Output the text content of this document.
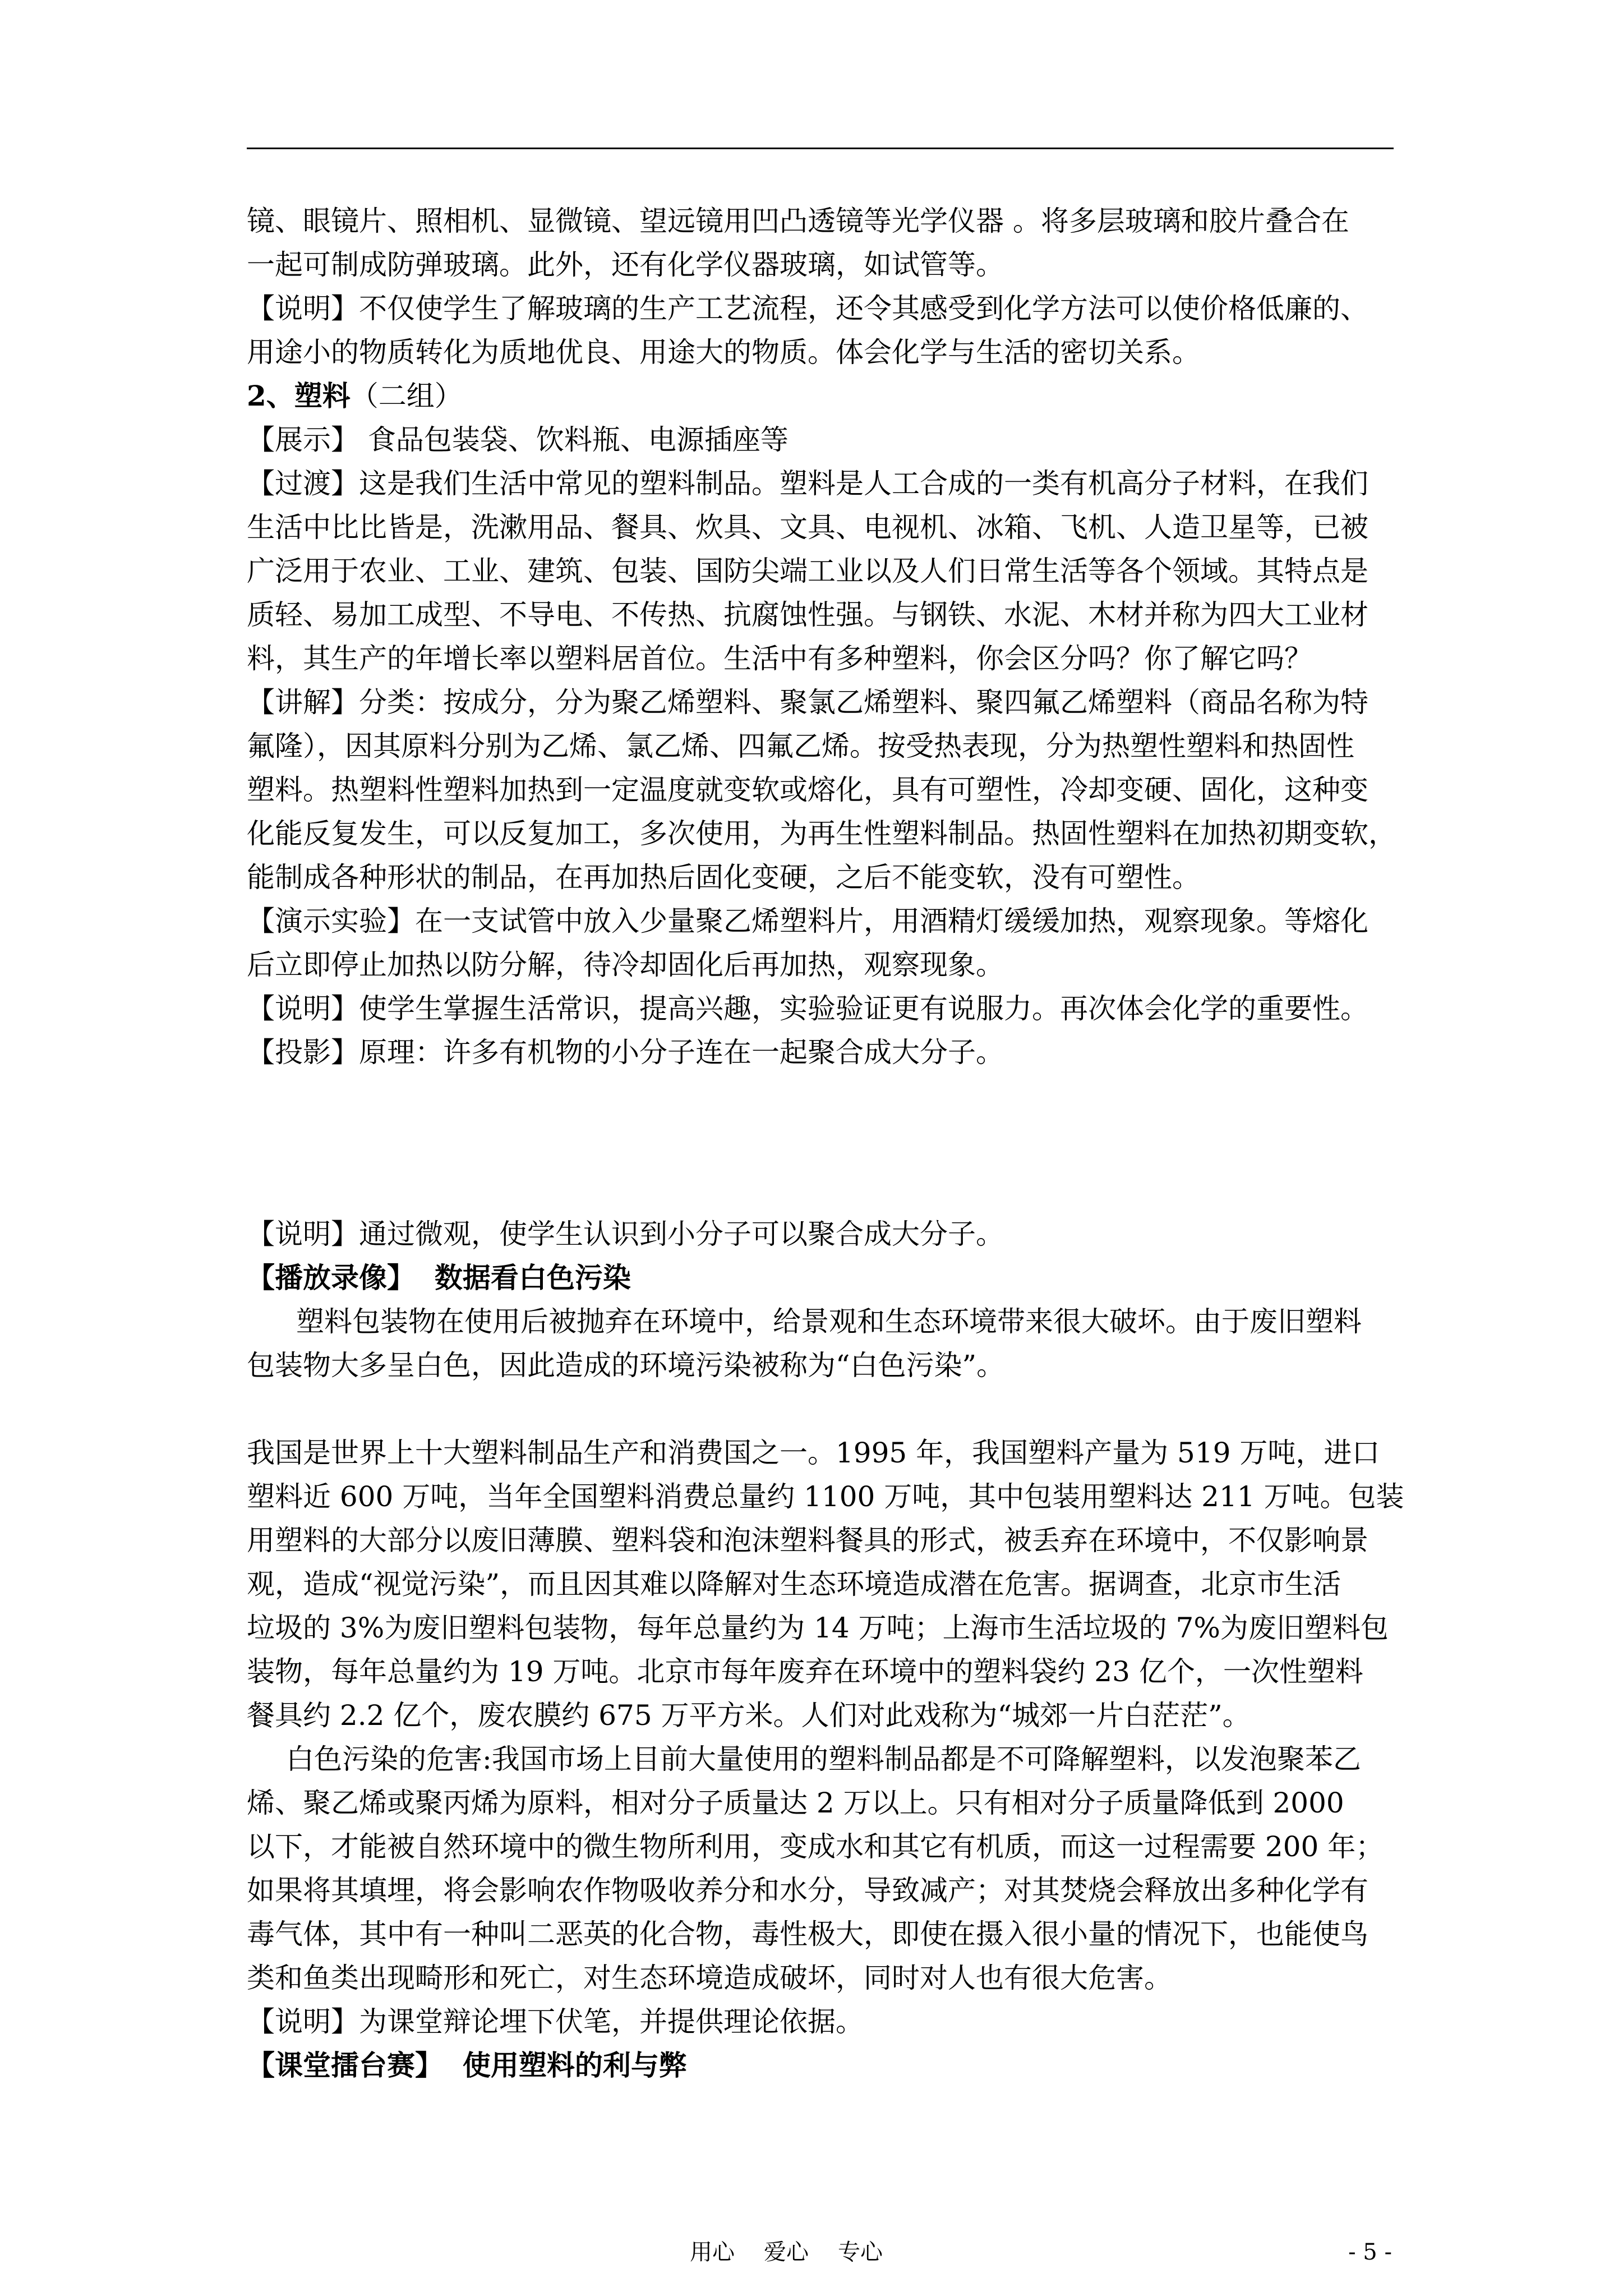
镜、眼镜片、照相机、显微镜、望远镜用凹凸透镜等光学仪器 。将多层玻璃和胶片叠合在
一起可制成防弹玻璃。此外，还有化学仪器玻璃，如试管等。
【说明】不仅使学生了解玻璃的生产工艺流程，还令其感受到化学方法可以使价格低廉的、
用途小的物质转化为质地优良、用途大的物质。体会化学与生活的密切关系。
2、塑料（二组）
【展示】 食品包装袋、饮料瓶、电源插座等
【过渡】这是我们生活中常见的塑料制品。塑料是人工合成的一类有机高分子材料，在我们
生活中比比皆是，洗漱用品、餐具、炊具、文具、电视机、冰箱、飞机、人造卫星等，已被
广泛用于农业、工业、建筑、包装、国防尖端工业以及人们日常生活等各个领域。其特点是
质轻、易加工成型、不导电、不传热、抗腐蚀性强。与钢铁、水泥、木材并称为四大工业材
料，其生产的年增长率以塑料居首位。生活中有多种塑料，你会区分吗？你了解它吗？
【讲解】分类：按成分，分为聚乙烯塑料、聚氯乙烯塑料、聚四氟乙烯塑料（商品名称为特
氟隆），因其原料分别为乙烯、氯乙烯、四氟乙烯。按受热表现，分为热塑性塑料和热固性
塑料。热塑料性塑料加热到一定温度就变软或熔化，具有可塑性，冷却变硬、固化，这种变
化能反复发生，可以反复加工，多次使用，为再生性塑料制品。热固性塑料在加热初期变软，
能制成各种形状的制品，在再加热后固化变硬，之后不能变软，没有可塑性。
【演示实验】在一支试管中放入少量聚乙烯塑料片，用酒精灯缓缓加热，观察现象。等熔化
后立即停止加热以防分解，待冷却固化后再加热，观察现象。
【说明】使学生掌握生活常识，提高兴趣，实验验证更有说服力。再次体会化学的重要性。
【投影】原理：许多有机物的小分子连在一起聚合成大分子。
【说明】通过微观，使学生认识到小分子可以聚合成大分子。
【播放录像】 数据看白色污染
塑料包装物在使用后被抛弃在环境中，给景观和生态环境带来很大破坏。由于废旧塑料
包装物大多呈白色，因此造成的环境污染被称为“白色污染”。
我国是世界上十大塑料制品生产和消费国之一。1995 年，我国塑料产量为 519 万吨，进口
塑料近 600 万吨，当年全国塑料消费总量约 1100 万吨，其中包装用塑料达 211 万吨。包装
用塑料的大部分以废旧薄膜、塑料袋和泡沫塑料餐具的形式，被丢弃在环境中，不仅影响景
观，造成“视觉污染”，而且因其难以降解对生态环境造成潜在危害。据调查，北京市生活
垃圾的 3%为废旧塑料包装物，每年总量约为 14 万吨；上海市生活垃圾的 7%为废旧塑料包
装物，每年总量约为 19 万吨。北京市每年废弃在环境中的塑料袋约 23 亿个，一次性塑料
餐具约 2.2 亿个，废农膜约 675 万平方米。人们对此戏称为“城郊一片白茫茫”。
白色污染的危害:我国市场上目前大量使用的塑料制品都是不可降解塑料，以发泡聚苯乙
烯、聚乙烯或聚丙烯为原料，相对分子质量达 2 万以上。只有相对分子质量降低到 2000
以下，才能被自然环境中的微生物所利用，变成水和其它有机质，而这一过程需要 200 年；
如果将其填埋，将会影响农作物吸收养分和水分，导致减产；对其焚烧会释放出多种化学有
毒气体，其中有一种叫二恶英的化合物，毒性极大，即使在摄入很小量的情况下，也能使鸟
类和鱼类出现畸形和死亡，对生态环境造成破坏，同时对人也有很大危害。
【说明】为课堂辩论埋下伏笔，并提供理论依据。
【课堂擂台赛】 使用塑料的利与弊
用心 爱心 专心	- 5 -
